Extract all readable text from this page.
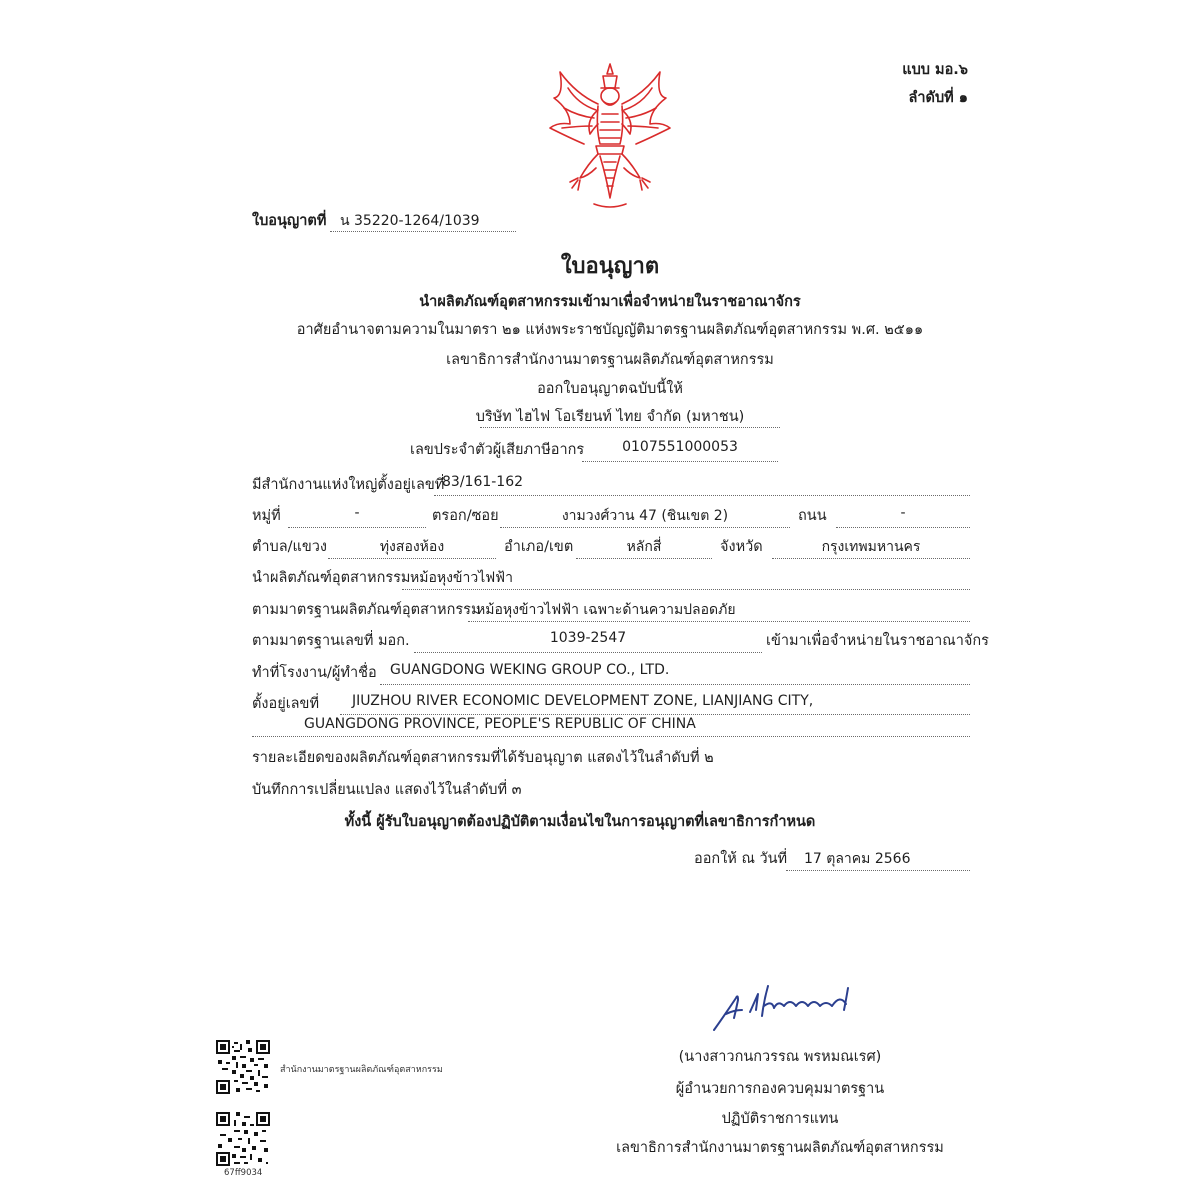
แบบ มอ.๖
ลำดับที่ ๑
ใบอนุญาตที่ น 35220-1264/1039
ใบอนุญาต
นำผลิตภัณฑ์อุตสาหกรรมเข้ามาเพื่อจำหน่ายในราชอาณาจักร
อาศัยอำนาจตามความในมาตรา ๒๑ แห่งพระราชบัญญัติมาตรฐานผลิตภัณฑ์อุตสาหกรรม พ.ศ. ๒๕๑๑
เลขาธิการสำนักงานมาตรฐานผลิตภัณฑ์อุตสาหกรรม
ออกใบอนุญาตฉบับนี้ให้
บริษัท ไฮไฟ โอเรียนท์ ไทย จำกัด (มหาชน)
เลขประจำตัวผู้เสียภาษีอากร	0107551000053
มีสำนักงานแห่งใหญ่ตั้งอยู่เลขที่
83/161-162
หมู่ที่	-	ตรอก/ซอย	งามวงศ์วาน 47 (ชินเขต 2)	ถนน	-
ตำบล/แขวง	ทุ่งสองห้อง	อำเภอ/เขต	หลักสี่	จังหวัด	กรุงเทพมหานคร
นำผลิตภัณฑ์อุตสาหกรรม หม้อหุงข้าวไฟฟ้า
ตามมาตรฐานผลิตภัณฑ์อุตสาหกรรม
หม้อหุงข้าวไฟฟ้า เฉพาะด้านความปลอดภัย
ตามมาตรฐานเลขที่ มอก.	1039-2547	เข้ามาเพื่อจำหน่ายในราชอาณาจักร
ทำที่โรงงาน/ผู้ทำชื่อ GUANGDONG WEKING GROUP CO., LTD.
ตั้งอยู่เลขที่ JIUZHOU RIVER ECONOMIC DEVELOPMENT ZONE, LIANJIANG CITY,
GUANGDONG PROVINCE, PEOPLE'S REPUBLIC OF CHINA
รายละเอียดของผลิตภัณฑ์อุตสาหกรรมที่ได้รับอนุญาต แสดงไว้ในลำดับที่ ๒
บันทึกการเปลี่ยนแปลง แสดงไว้ในลำดับที่ ๓
ทั้งนี้ ผู้รับใบอนุญาตต้องปฏิบัติตามเงื่อนไขในการอนุญาตที่เลขาธิการกำหนด
ออกให้ ณ วันที่ 17 ตุลาคม 2566
(นางสาวกนกวรรณ พรหมณเรศ)
ผู้อำนวยการกองควบคุมมาตรฐาน
ปฏิบัติราชการแทน
เลขาธิการสำนักงานมาตรฐานผลิตภัณฑ์อุตสาหกรรม
สำนักงานมาตรฐานผลิตภัณฑ์อุตสาหกรรม
67ff9034
